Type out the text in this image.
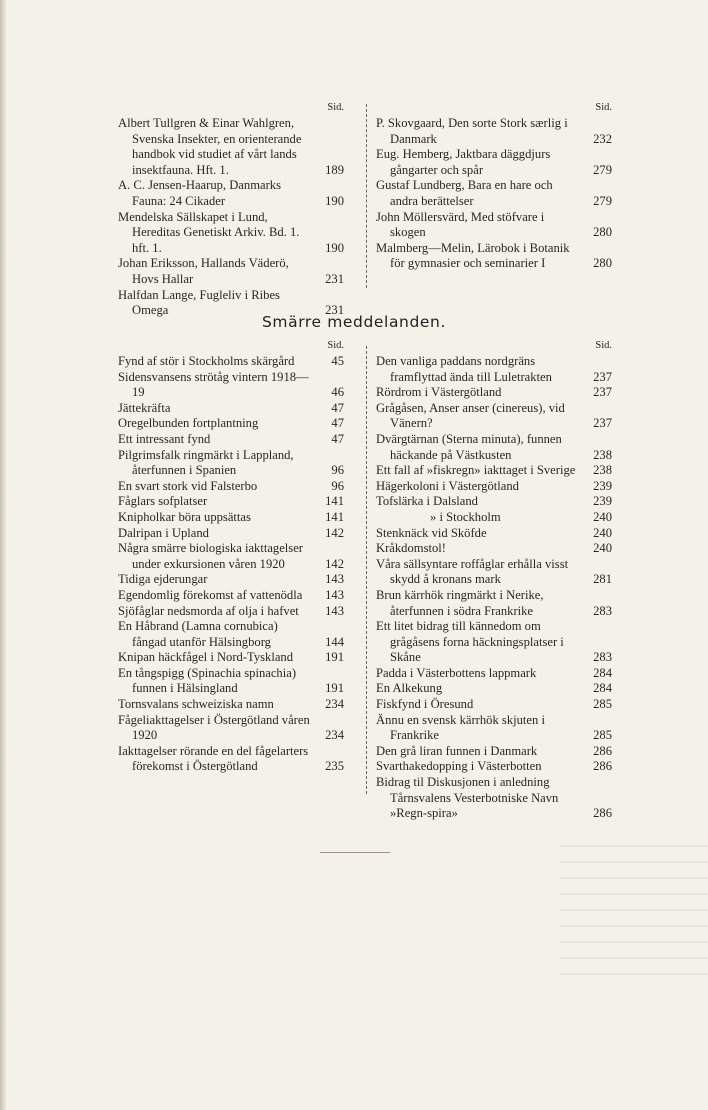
Sid.
Albert Tullgren & Einar Wahlgren, Svenska Insekter, en orienterande handbok vid studiet af vårt lands insektfauna. Hft. 1.	189
A. C. Jensen-Haarup, Danmarks Fauna: 24 Cikader	190
Mendelska Sällskapet i Lund, Hereditas Genetiskt Arkiv. Bd. 1. hft. 1.	190
Johan Eriksson, Hallands Väderö, Hovs Hallar	231
Halfdan Lange, Fugleliv i Ribes Omega	231
Sid.
P. Skovgaard, Den sorte Stork særlig i Danmark	232
Eug. Hemberg, Jaktbara däggdjurs gångarter och spår	279
Gustaf Lundberg, Bara en hare och andra berättelser	279
John Möllersvärd, Med stöfvare i skogen	280
Malmberg—Melin, Lärobok i Botanik för gymnasier och seminarier I	280
Smärre meddelanden.
Sid.
Fynd af stör i Stockholms skärgård	45
Sidensvansens strötåg vintern 1918—19	46
Jättekräfta	47
Oregelbunden fortplantning	47
Ett intressant fynd	47
Pilgrimsfalk ringmärkt i Lappland, återfunnen i Spanien	96
En svart stork vid Falsterbo	96
Fåglars sofplatser	141
Knipholkar böra uppsättas	141
Dalripan i Upland	142
Några smärre biologiska iakttagelser under exkursionen våren 1920	142
Tidiga ejderungar	143
Egendomlig förekomst af vattenödla	143
Sjöfåglar nedsmorda af olja i hafvet	143
En Håbrand (Lamna cornubica) fångad utanför Hälsingborg	144
Knipan häckfågel i Nord-Tyskland	191
En tångspigg (Spinachia spinachia) funnen i Hälsingland	191
Tornsvalans schweiziska namn	234
Fågeliakttagelser i Östergötland våren 1920	234
Iakttagelser rörande en del fågelarters förekomst i Östergötland	235
Sid.
Den vanliga paddans nordgräns framflyttad ända till Luletrakten	237
Rördrom i Västergötland	237
Grågåsen, Anser anser (cinereus), vid Vänern?	237
Dvärgtärnan (Sterna minuta), funnen häckande på Västkusten	238
Ett fall af »fiskregn» iakttaget i Sverige	238
Hägerkoloni i Västergötland	239
Tofslärka i Dalsland	239
» i Stockholm	240
Stenknäck vid Sköfde	240
Kråkdomstol!	240
Våra sällsyntare roffåglar erhålla visst skydd å kronans mark	281
Brun kärrhök ringmärkt i Nerike, återfunnen i södra Frankrike	283
Ett litet bidrag till kännedom om grågåsens forna häckningsplatser i Skåne	283
Padda i Västerbottens lappmark	284
En Alkekung	284
Fiskfynd i Öresund	285
Ännu en svensk kärrhök skjuten i Frankrike	285
Den grå liran funnen i Danmark	286
Svarthakedopping i Västerbotten	286
Bidrag til Diskusjonen i anledning Tårnsvalens Vesterbotniske Navn »Regn-spira»	286
